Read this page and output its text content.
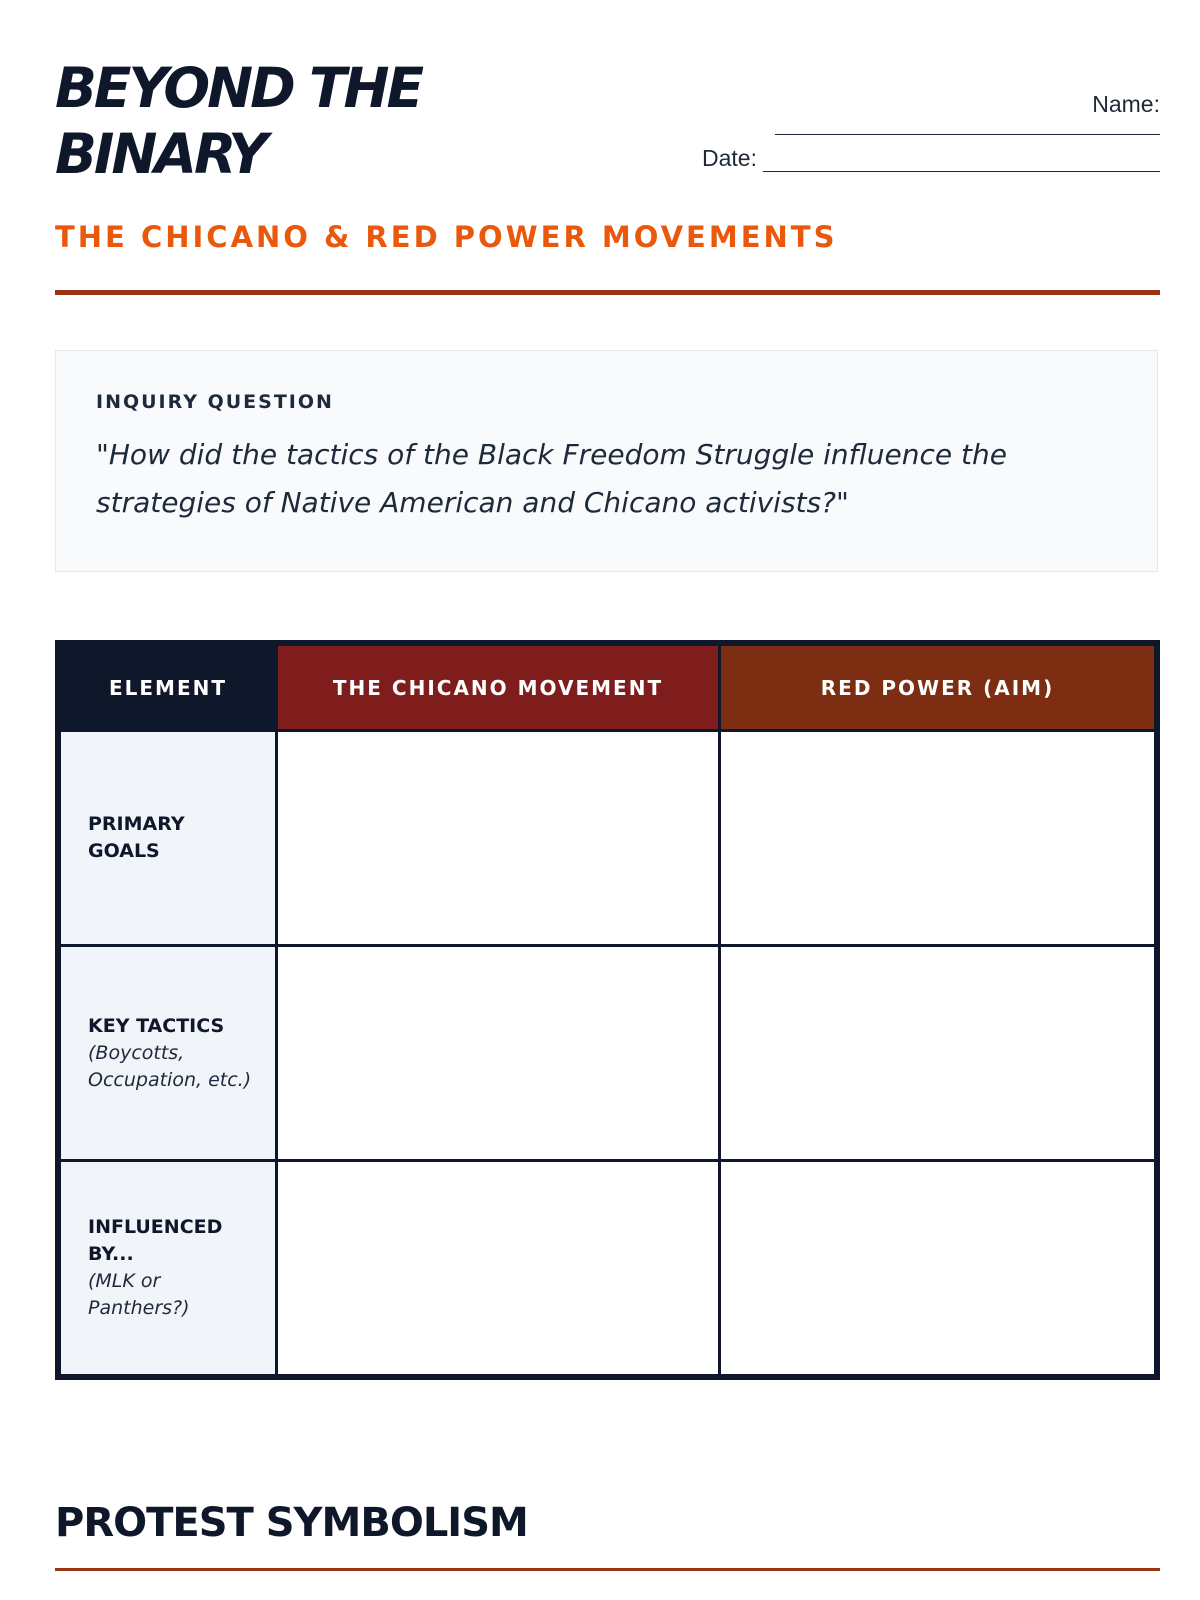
BEYOND THE
BINARY
Name:
Date:
THE CHICANO & RED POWER MOVEMENTS

INQUIRY QUESTION

"How did the tactics of the Black Freedom Struggle influence the strategies of Native American and Chicano activists?"

ELEMENT	THE CHICANO MOVEMENT	RED POWER (AIM)
PRIMARY GOALS
KEY TACTICS
(Boycotts, Occupation, etc.)
INFLUENCED BY...
(MLK or Panthers?)
PROTEST SYMBOLISM
